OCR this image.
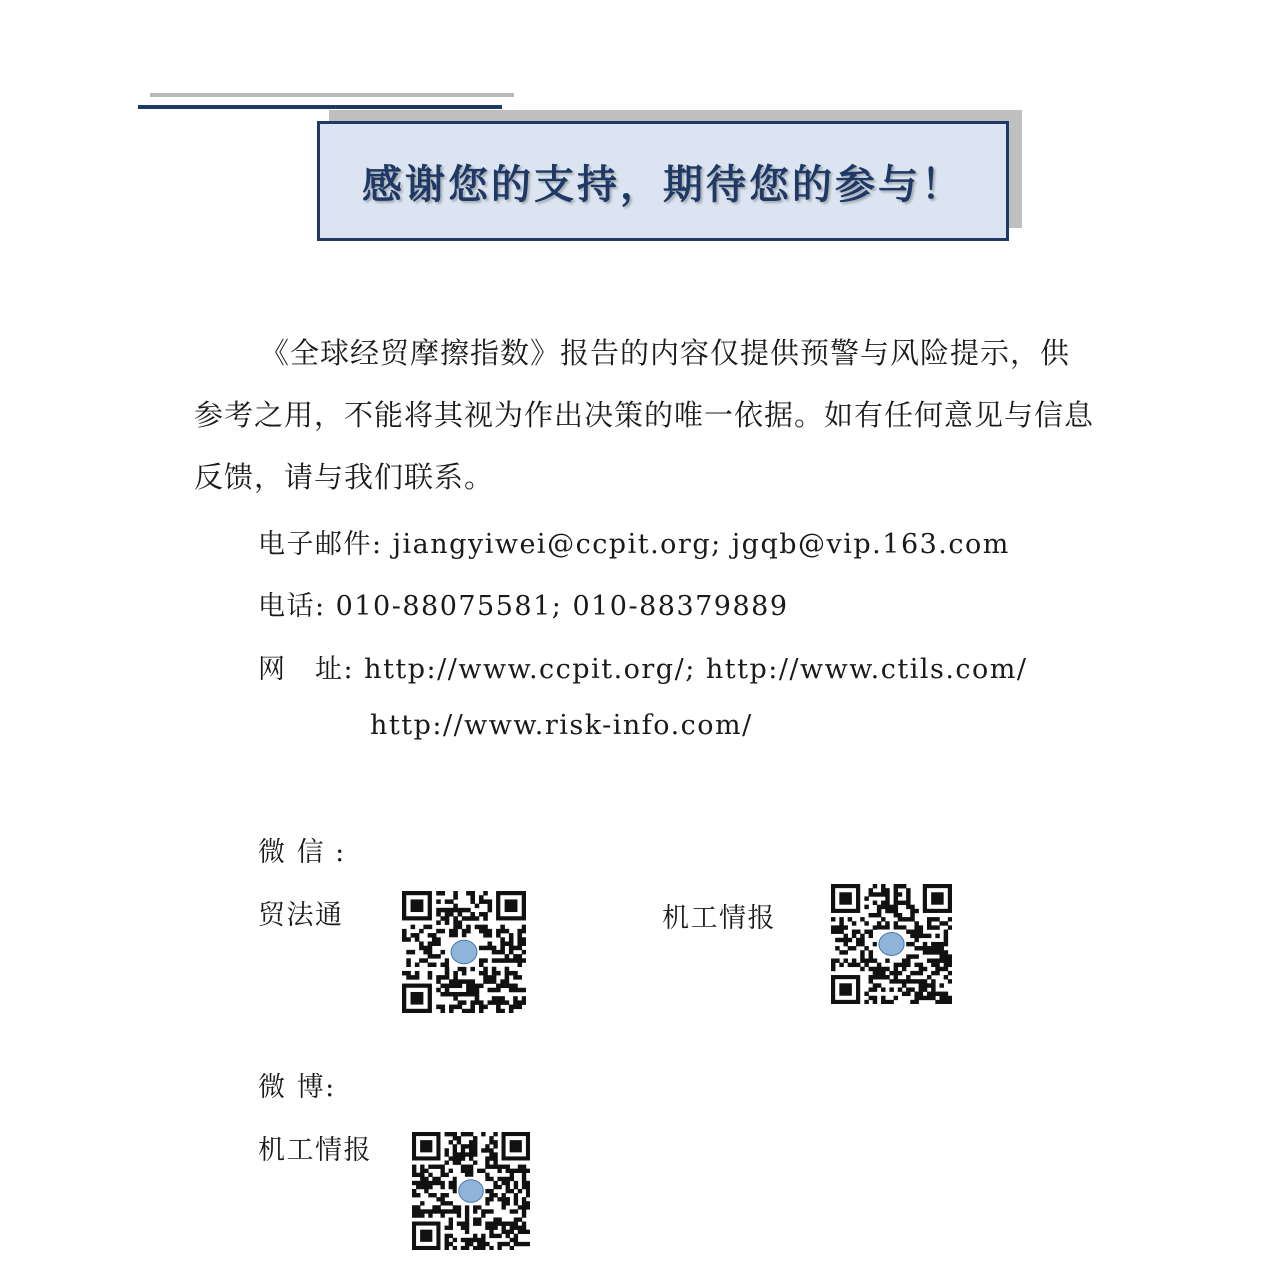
感谢您的支持，期待您的参与！
《全球经贸摩擦指数》报告的内容仅提供预警与风险提示，供参考之用，不能将其视为作出决策的唯一依据。如有任何意见与信息反馈，请与我们联系。
电子邮件: jiangyiwei@ccpit.org; jgqb@vip.163.com
电话: 010-88075581; 010-88379889
网　址: http://www.ccpit.org/; http://www.ctils.com/
http://www.risk-info.com/
微 信 :
贸法通	机工情报
微 博:
机工情报
